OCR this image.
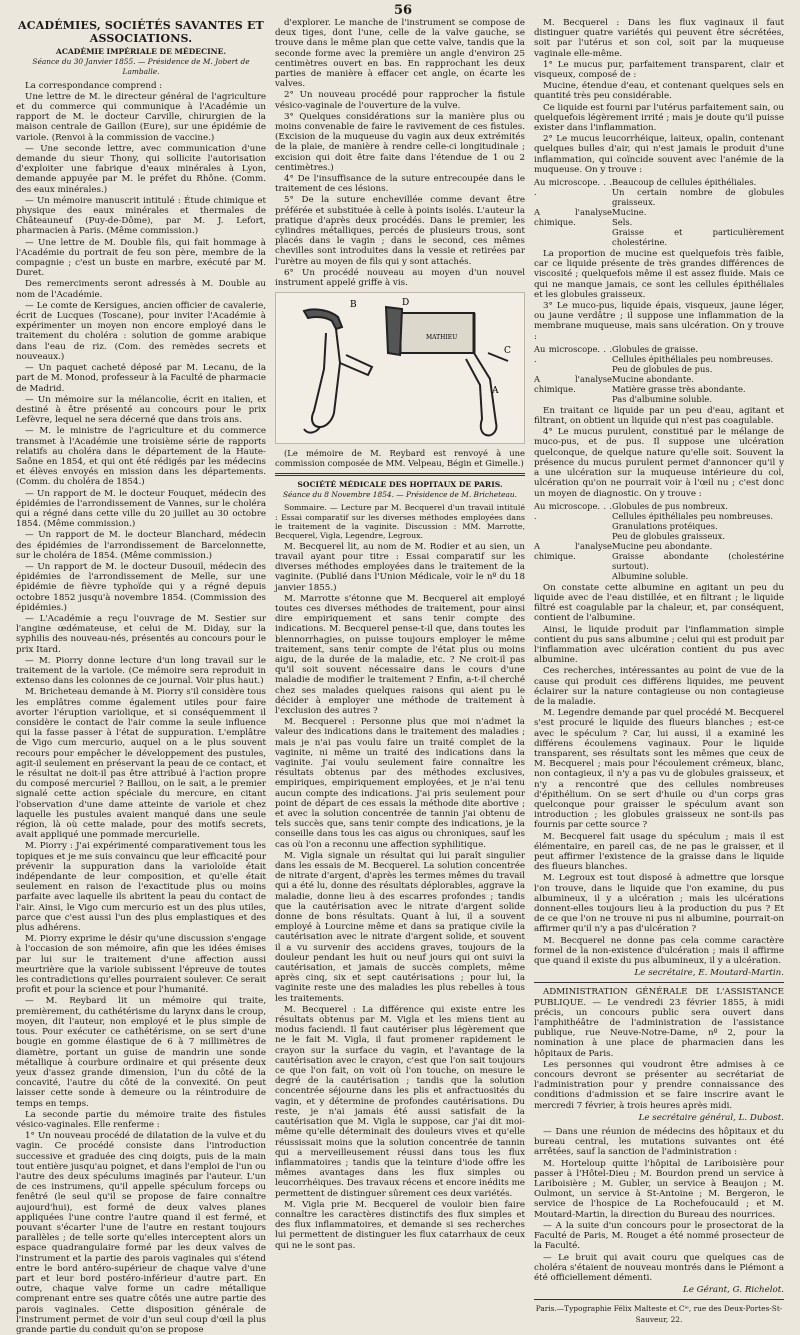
56
ACADÉMIES, SOCIÉTÉS SAVANTES ET ASSOCIATIONS.
ACADÉMIE IMPÉRIALE DE MÉDECINE.
Séance du 30 Janvier 1855. — Présidence de M. Jobert de Lamballe.

La correspondance comprend :

Une lettre de M. le directeur général de l'agriculture et du commerce qui communique à l'Académie un rapport de M. le docteur Carville, chirurgien de la maison centrale de Gaillon (Eure), sur une épidémie de variole. (Renvoi à la commission de vaccine.)

— Une seconde lettre, avec communication d'une demande du sieur Thony, qui sollicite l'autorisation d'exploiter une fabrique d'eaux minérales à Lyon, demande appuyée par M. le préfet du Rhône. (Comm. des eaux minérales.)

— Un mémoire manuscrit intitulé : Étude chimique et physique des eaux minérales et thermales de Châteauneuf (Puy-de-Dôme), par M. J. Lefort, pharmacien à Paris. (Même commission.)

— Une lettre de M. Double fils, qui fait hommage à l'Académie du portrait de feu son père, membre de la compagnie ; c'est un buste en marbre, exécuté par M. Duret.

Des remerciments seront adressés à M. Double au nom de l'Académie.

— Le comte de Kersigues, ancien officier de cavalerie, écrit de Lucques (Toscane), pour inviter l'Académie à expérimenter un moyen non encore employé dans le traitement du choléra : solution de gomme arabique dans l'eau de riz. (Com. des remèdes secrets et nouveaux.)

— Un paquet cacheté déposé par M. Lecanu, de la part de M. Monod, professeur à la Faculté de pharmacie de Madrid.

— Un mémoire sur la mélancolie, écrit en italien, et destiné à être présenté au concours pour le prix Lefèvre, lequel ne sera décerné que dans trois ans.

— M. le ministre de l'agriculture et du commerce transmet à l'Académie une troisième série de rapports relatifs au choléra dans le département de la Haute-Saône en 1854, et qui ont été rédigés par les médecins et élèves envoyés en mission dans les départements. (Comm. du choléra de 1854.)

— Un rapport de M. le docteur Fouquet, médecin des épidémies de l'arrondissement de Vannes, sur le choléra qui a régné dans cette ville du 20 juillet au 30 octobre 1854. (Même commission.)

— Un rapport de M. le docteur Blanchard, médecin des épidémies de l'arrondissement de Barcelonnette, sur le choléra de 1854. (Même commission.)

— Un rapport de M. le docteur Dusouil, médecin des épidémies de l'arrondissement de Melle, sur une épidémie de fièvre typhoïde qui y a régné depuis octobre 1852 jusqu'à novembre 1854. (Commission des épidémies.)

— L'Académie a reçu l'ouvrage de M. Sestier sur l'angine œdémateuse, et celui de M. Diday, sur la syphilis des nouveau-nés, présentés au concours pour le prix Itard.

— M. Piorry donne lecture d'un long travail sur le traitement de la variole. (Ce mémoire sera reproduit in extenso dans les colonnes de ce journal. Voir plus haut.)

M. Bricheteau demande à M. Piorry s'il considère tous les emplâtres comme également utiles pour faire avorter l'éruption variolique, et si conséquemment il considère le contact de l'air comme la seule influence qui la fasse passer à l'état de suppuration. L'emplâtre de Vigo cum mercurio, auquel on a le plus souvent recours pour empêcher le développement des pustules, agit-il seulement en préservant la peau de ce contact, et le résultat ne doit-il pas être attribué à l'action propre du composé mercuriel ? Baillou, on le sait, a le premier signalé cette action spéciale du mercure, en citant l'observation d'une dame atteinte de variole et chez laquelle les pustules avaient manqué dans une seule région, là où cette malade, pour des motifs secrets, avait appliqué une pommade mercurielle.

M. Piorry : J'ai expérimenté comparativement tous les topiques et je me suis convaincu que leur efficacité pour prévenir la suppuration dans la varioloïde était indépendante de leur composition, et qu'elle était seulement en raison de l'exactitude plus ou moins parfaite avec laquelle ils abritent la peau du contact de l'air. Ainsi, le Vigo cum mercurio est un des plus utiles, parce que c'est aussi l'un des plus emplastiques et des plus adhérens.

M. Piorry exprime le désir qu'une discussion s'engage à l'occasion de son mémoire, afin que les idées émises par lui sur le traitement d'une affection aussi meurtrière que la variole subissent l'épreuve de toutes les contradictions qu'elles pourraient soulever. Ce serait profit et pour la science et pour l'humanité.

— M. Reybard lit un mémoire qui traite, premièrement, du cathétérisme du larynx dans le croup, moyen, dit l'auteur, non employé et le plus simple de tous. Pour exécuter ce cathétérisme, on se sert d'une bougie en gomme élastique de 6 à 7 millimètres de diamètre, portant un guise de mandrin une sonde métallique à courbure ordinaire et qui présente deux yeux d'assez grande dimension, l'un du côté de la concavité, l'autre du côté de la convexité. On peut laisser cette sonde à demeure ou la réintroduire de temps en temps.

La seconde partie du mémoire traite des fistules vésico-vaginales. Elle renferme :

1° Un nouveau procédé de dilatation de la vulve et du vagin. Ce procédé consiste dans l'introduction successive et graduée des cinq doigts, puis de la main tout entière jusqu'au poignet, et dans l'emploi de l'un ou l'autre des deux spéculums imaginés par l'auteur. L'un de ces instrumens, qu'il appelle spéculum forceps ou fenêtré (le seul qu'il se propose de faire connaître aujourd'hui), est formé de deux valves planes appliquées l'une contre l'autre quand il est fermé, et pouvant s'écarter l'une de l'autre en restant toujours parallèles ; de telle sorte qu'elles interceptent alors un espace quadrangulaire formé par les deux valves de l'instrument et la partie des parois vaginales qui s'étend entre le bord antéro-supérieur de chaque valve d'une part et leur bord postéro-inférieur d'autre part. En outre, chaque valve forme un cadre métallique comprenant entre ses quatre côtés une autre partie des parois vaginales. Cette disposition générale de l'instrument permet de voir d'un seul coup d'œil la plus grande partie du conduit qu'on se propose

d'explorer. Le manche de l'instrument se compose de deux tiges, dont l'une, celle de la valve gauche, se trouve dans le même plan que cette valve, tandis que la seconde forme avec la première un angle d'environ 25 centimètres ouvert en bas. En rapprochant les deux parties de manière à effacer cet angle, on écarte les valves.

2° Un nouveau procédé pour rapprocher la fistule vésico-vaginale de l'ouverture de la vulve.

3° Quelques considérations sur la manière plus ou moins convenable de faire le ravivement de ces fistules. (Excision de la muqueuse du vagin aux deux extrémités de la plaie, de manière à rendre celle-ci longitudinale ; excision qui doit être faite dans l'étendue de 1 ou 2 centimètres.)

4° De l'insuffisance de la suture entrecoupée dans le traitement de ces lésions.

5° De la suture enchevillée comme devant être préférée et substituée à celle à points isolés. L'auteur la pratique d'après deux procédés. Dans le premier, les cylindres métalliques, percés de plusieurs trous, sont placés dans le vagin ; dans le second, ces mêmes chevilles sont introduites dans la vessie et retirées par l'urètre au moyen de fils qui y sont attachés.

6° Un procédé nouveau au moyen d'un nouvel instrument appelé griffe à vis.

B	D
C
A
MATHIEU

(Le mémoire de M. Reybard est renvoyé à une commission composée de MM. Velpeau, Bégin et Gimelle.)

SOCIÉTÉ MÉDICALE DES HOPITAUX DE PARIS.
Séance du 8 Novembre 1854. — Présidence de M. Bricheteau.

Sommaire. — Lecture par M. Becquerel d'un travail intitulé : Essai comparatif sur les diverses méthodes employées dans le traitement de la vaginite. Discussion : MM. Marrotte, Becquerel, Vigla, Legendre, Legroux.

M. Becquerel lit, au nom de M. Rodier et au sien, un travail ayant pour titre : Essai comparatif sur les diverses méthodes employées dans le traitement de la vaginite. (Publié dans l'Union Médicale, voir le nº du 18 janvier 1855.)

M. Marrotte s'étonne que M. Becquerel ait employé toutes ces diverses méthodes de traitement, pour ainsi dire empiriquement et sans tenir compte des indications. M. Becquerel pense-t-il que, dans toutes les blennorrhagies, on puisse toujours employer le même traitement, sans tenir compte de l'état plus ou moins aigu, de la durée de la maladie, etc. ? Ne croit-il pas qu'il soit souvent nécessaire dans le cours d'une maladie de modifier le traitement ? Enfin, a-t-il cherché chez ses malades quelques raisons qui aient pu le décider à employer une méthode de traitement à l'exclusion des autres ?

M. Becquerel : Personne plus que moi n'admet la valeur des indications dans le traitement des maladies ; mais je n'ai pas voulu faire un traité complet de la vaginite, ni même un traité des indications dans la vaginite. J'ai voulu seulement faire connaître les résultats obtenus par des méthodes exclusives, empiriques, empiriquement employées, et je n'ai tenu aucun compte des indications. J'ai pris seulement pour point de départ de ces essais la méthode dite abortive ; et avec la solution concentrée de tannin j'ai obtenu de tels succès que, sans tenir compte des indications, je la conseille dans tous les cas aigus ou chroniques, sauf les cas où l'on a reconnu une affection syphilitique.

M. Vigla signale un résultat qui lui paraît singulier dans les essais de M. Becquerel. La solution concentrée de nitrate d'argent, d'après les termes mêmes du travail qui a été lu, donne des résultats déplorables, aggrave la maladie, donne lieu à des escarres profondes ; tandis que la cautérisation avec le nitrate d'argent solide donne de bons résultats. Quant à lui, il a souvent employé à Lourcine même et dans sa pratique civile la cautérisation avec le nitrate d'argent solide, et souvent il a vu survenir des accidens graves, toujours de la douleur pendant les huit ou neuf jours qui ont suivi la cautérisation, et jamais de succès complets, même après cinq, six et sept cautérisations ; pour lui, la vaginite reste une des maladies les plus rebelles à tous les traitements.

M. Becquerel : La différence qui existe entre les résultats obtenus par M. Vigla et les miens tient au modus faciendi. Il faut cautériser plus légèrement que ne le fait M. Vigla, il faut promener rapidement le crayon sur la surface du vagin, et l'avantage de la cautérisation avec le crayon, c'est que l'on sait toujours ce que l'on fait, on voit où l'on touche, on mesure le degré de la cautérisation ; tandis que la solution concentrée séjourne dans les plis et anfractuosités du vagin, et y détermine de profondes cautérisations. Du reste, je n'ai jamais été aussi satisfait de la cautérisation que M. Vigla le suppose, car j'ai dit moi-même qu'elle déterminait des douleurs vives et qu'elle réussissait moins que la solution concentrée de tannin qui a merveilleusement réussi dans tous les flux inflammatoires ; tandis que la teinture d'iode offre les mêmes avantages dans les flux simples ou leucorrhéiques. Des travaux récens et encore inédits me permettent de distinguer sûrement ces deux variétés.

M. Vigla prie M. Becquerel de vouloir bien faire connaître les caractères distinctifs des flux simples et des flux inflammatoires, et demande si ses recherches lui permettent de distinguer les flux catarrhaux de ceux qui ne le sont pas.

M. Becquerel : Dans les flux vaginaux il faut distinguer quatre variétés qui peuvent être sécrétées, soit par l'utérus et son col, soit par la muqueuse vaginale elle-même.

1° Le mucus pur, parfaitement transparent, clair et visqueux, composé de :

Mucine, étendue d'eau, et contenant quelques sels en quantité très peu considérable.

Ce liquide est fourni par l'utérus parfaitement sain, ou quelquefois légèrement irrité ; mais je doute qu'il puisse exister dans l'inflammation.

2° Le mucus leucorrhéique, laiteux, opalin, contenant quelques bulles d'air, qui n'est jamais le produit d'une inflammation, qui coïncide souvent avec l'anémie de la muqueuse. On y trouve :

Au microscope. . . .
Beaucoup de cellules épithéliales.
Un certain nombre de globules graisseux.
A l'analyse chimique.
Mucine.
Sels.
Graisse et particulièrement cholestérine.

La proportion de mucine est quelquefois très faible, car ce liquide présente de très grandes différences de viscosité ; quelquefois même il est assez fluide. Mais ce qui ne manque jamais, ce sont les cellules épithéliales et les globules graisseux.

3° Le muco-pus, liquide épais, visqueux, jaune léger, ou jaune verdâtre ; il suppose une inflammation de la membrane muqueuse, mais sans ulcération. On y trouve :

Au microscope. . . .
Globules de graisse.
Cellules épithéliales peu nombreuses.
Peu de globules de pus.
A l'analyse chimique.
Mucine abondante.
Matière grasse très abondante.
Pas d'albumine soluble.

En traitant ce liquide par un peu d'eau, agitant et filtrant, on obtient un liquide qui n'est pas coagulable.

4° Le mucus purulent, constitué par le mélange de muco-pus, et de pus. Il suppose une ulcération quelconque, de quelque nature qu'elle soit. Souvent la présence du mucus purulent permet d'annoncer qu'il y a une ulcération sur la muqueuse intérieure du col, ulcération qu'on ne pourrait voir à l'œil nu ; c'est donc un moyen de diagnostic. On y trouve :

Au microscope. . . .
Globules de pus nombreux.
Cellules épithéliales peu nombreuses.
Granulations protéiques.
Peu de globules graisseux.
A l'analyse chimique.
Mucine peu abondante.
Graisse abondante (cholestérine surtout).
Albumine soluble.

On constate cette albumine en agitant un peu du liquide avec de l'eau distillée, et en filtrant ; le liquide filtré est coagulable par la chaleur, et, par conséquent, contient de l'albumine.

Ainsi, le liquide produit par l'inflammation simple contient du pus sans albumine ; celui qui est produit par l'inflammation avec ulcération contient du pus avec albumine.

Ces recherches, intéressantes au point de vue de la cause qui produit ces différens liquides, me peuvent éclairer sur la nature contagieuse ou non contagieuse de la maladie.

M. Legendre demande par quel procédé M. Becquerel s'est procuré le liquide des flueurs blanches ; est-ce avec le spéculum ? Car, lui aussi, il a examiné les différens écoulemens vaginaux. Pour le liquide transparent, ses résultats sont les mêmes que ceux de M. Becquerel ; mais pour l'écoulement crémeux, blanc, non contagieux, il n'y a pas vu de globules graisseux, et n'y a rencontré que des cellules nombreuses d'épithélium. On se sert d'huile ou d'un corps gras quelconque pour graisser le spéculum avant son introduction ; les globules graisseux ne sont-ils pas fournis par cette source ?

M. Becquerel fait usage du spéculum ; mais il est élémentaire, en pareil cas, de ne pas le graisser, et il peut affirmer l'existence de la graisse dans le liquide des flueurs blanches.

M. Legroux est tout disposé à admettre que lorsque l'on trouve, dans le liquide que l'on examine, du pus albumineux, il y a ulcération ; mais les ulcérations donnent-elles toujours lieu à la production du pus ? Et de ce que l'on ne trouve ni pus ni albumine, pourrait-on affirmer qu'il n'y a pas d'ulcération ?

M. Becquerel ne donne pas cela comme caractère formel de la non-existence d'ulcération ; mais il affirme que quand il existe du pus albumineux, il y a ulcération.

Le secrétaire, E. Moutard-Martin.

ADMINISTRATION GÉNÉRALE DE L'ASSISTANCE PUBLIQUE. — Le vendredi 23 février 1855, à midi précis, un concours public sera ouvert dans l'amphithéâtre de l'administration de l'assistance publique, rue Neuve-Notre-Dame, nº 2, pour la nomination à une place de pharmacien dans les hôpitaux de Paris.

Les personnes qui voudront être admises à ce concours devront se présenter au secrétariat de l'administration pour y prendre connaissance des conditions d'admission et se faire inscrire avant le mercredi 7 février, à trois heures après midi.

Le secrétaire général, L. Dubost.

— Dans une réunion de médecins des hôpitaux et du bureau central, les mutations suivantes ont été arrêtées, sauf la sanction de l'administration :

M. Horteloup quitte l'hôpital de Lariboisière pour passer à l'Hôtel-Dieu ; M. Bourdon prend un service à Lariboisière ; M. Gubler, un service à Beaujon ; M. Oulmont, un service à St-Antoine ; M. Bergeron, le service de l'hospice de La Rochefoucauld ; et M. Moutard-Martin, la direction du Bureau des nourrices.

— A la suite d'un concours pour le prosectorat de la Faculté de Paris, M. Rouget a été nommé prosecteur de la Faculté.

— Le bruit qui avait couru que quelques cas de choléra s'étaient de nouveau montrés dans le Piémont a été officiellement démenti.

Le Gérant, G. Richelot.

Paris.—Typographie Félix Malteste et Cⁱᵉ, rue des Deux-Portes-St-Sauveur, 22.
